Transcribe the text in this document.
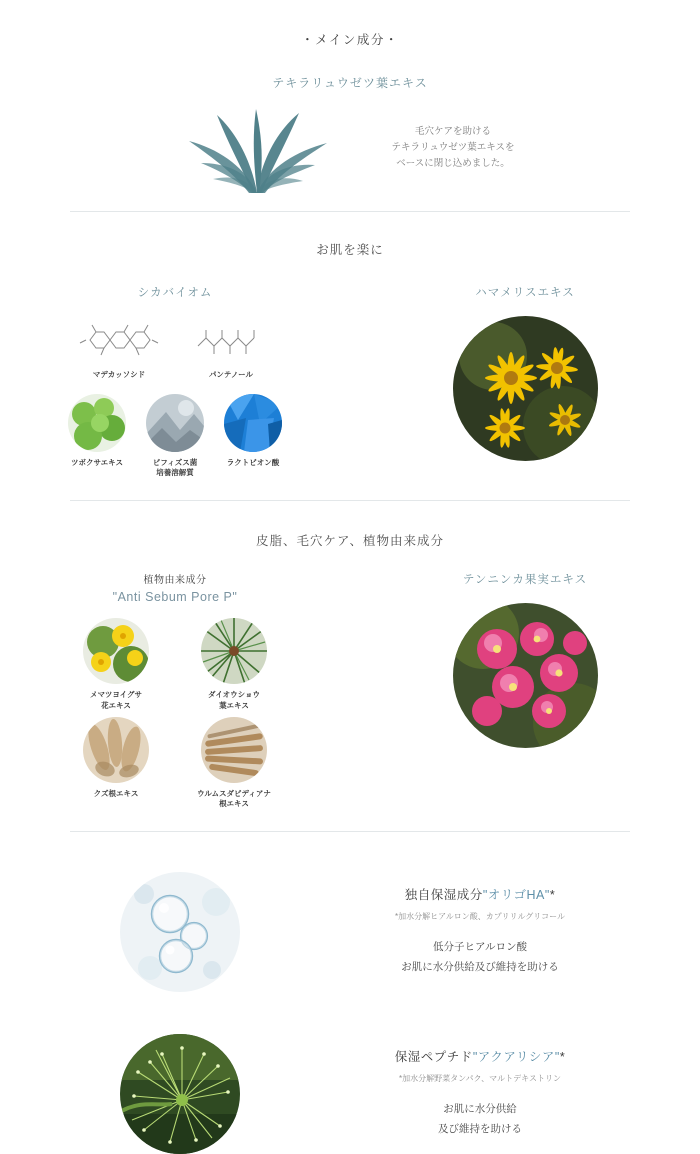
・メイン成分・
テキラリュウゼツ葉エキス
毛穴ケアを助ける
テキラリュウゼツ葉エキスを
ベースに閉じ込めました。
お肌を楽に
シカバイオム
マデカッソシド	パンテノール
ツボクサエキス	ビフィズス菌
培養溶解質
ラクトビオン酸
ハマメリスエキス
皮脂、毛穴ケア、植物由来成分
植物由来成分
"Anti Sebum Pore P"
メマツヨイグサ
花エキス
ダイオウショウ
葉エキス
クズ根エキス	ウルムスダビディアナ
根エキス
テンニンカ果実エキス
独自保湿成分"オリゴHA"*
*加水分解ヒアルロン酸、カプリリルグリコール
低分子ヒアルロン酸
お肌に水分供給及び維持を助ける
保湿ペプチド"アクアリシア"*
*加水分解野菜タンパク、マルトデキストリン
お肌に水分供給
及び維持を助ける
